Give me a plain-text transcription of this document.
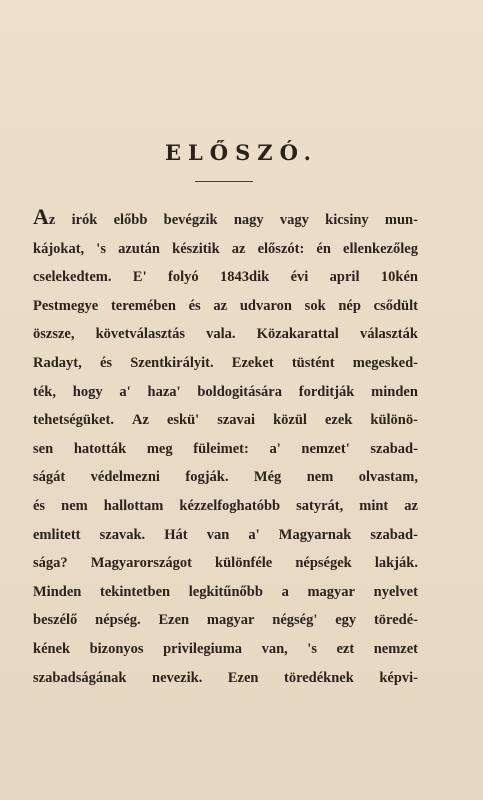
ELŐSZÓ.
Az irók előbb bevégzik nagy vagy kicsiny mun-
kájokat, 's azután készitik az előszót: én ellenkezőleg
cselekedtem. E' folyó 1843dik évi april 10kén
Pestmegye teremében és az udvaron sok nép csődült
öszsze, követválasztás vala. Közakarattal választák
Radayt, és Szentkirályit. Ezeket tüstént megesked-
ték, hogy a' haza' boldogitására forditják minden
tehetségüket. Az eskü' szavai közül ezek különö-
sen hatották meg füleimet: a' nemzet' szabad-
ságát védelmezni fogják. Még nem olvastam,
és nem hallottam kézzelfoghatóbb satyrát, mint az
emlitett szavak. Hát van a' Magyarnak szabad-
sága? Magyarországot különféle népségek lakják.
Minden tekintetben legkitűnőbb a magyar nyelvet
beszélő népség. Ezen magyar négség' egy töredé-
kének bizonyos privilegiuma van, 's ezt nemzet
szabadságának nevezik. Ezen töredéknek képvi-
